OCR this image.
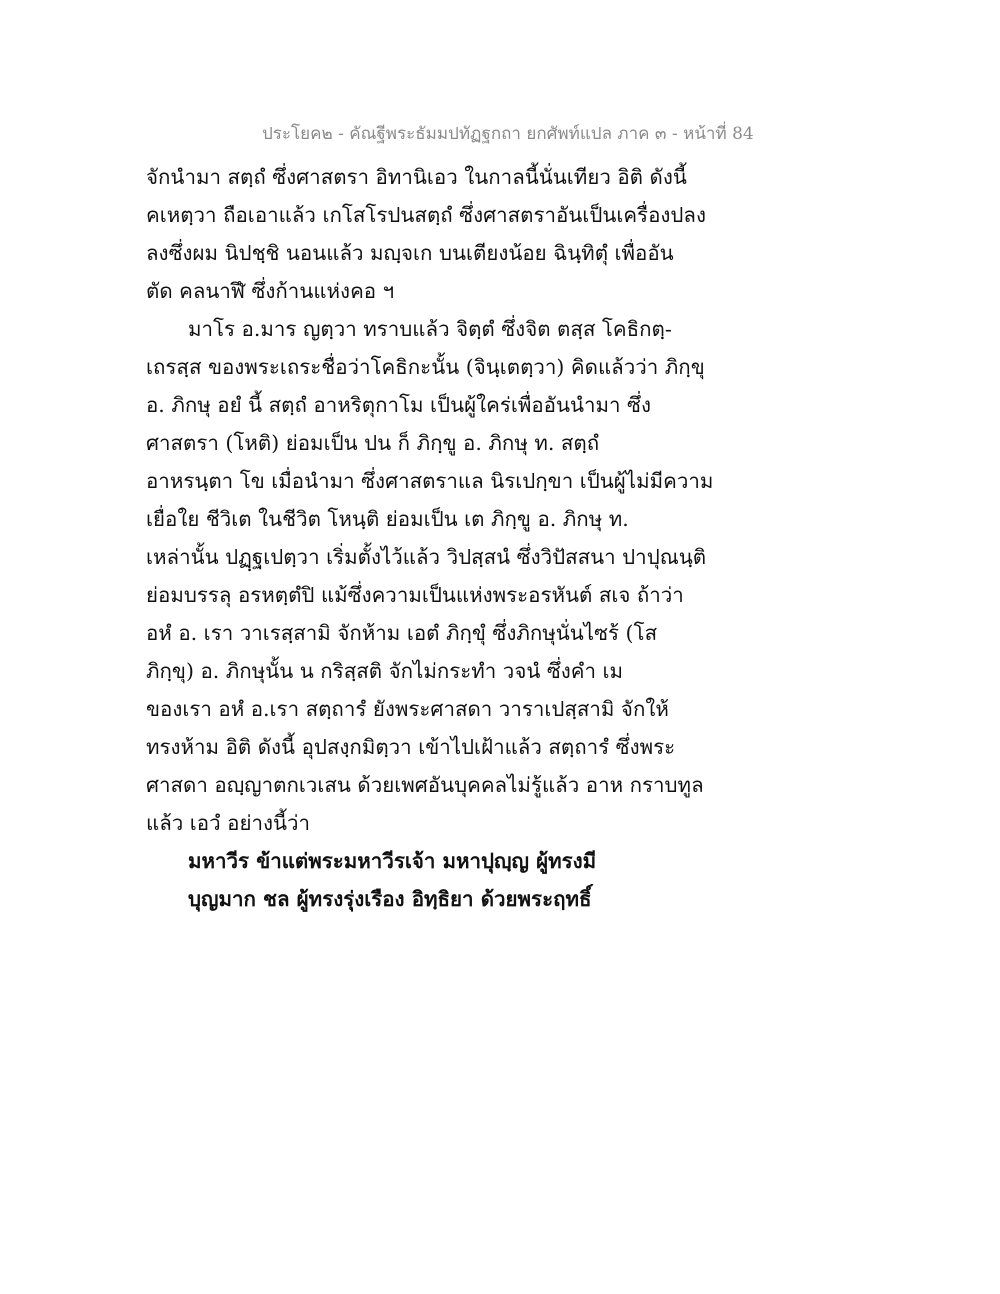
ประโยค๒ - คัณฐีพระธัมมปทัฏฐกถา ยกศัพท์แปล ภาค ๓ - หน้าที่ 84
จักนำมา สตฺถํ ซึ่งศาสตรา อิทานิเอว ในกาลนี้นั่นเทียว อิติ ดังนี้
คเหตฺวา ถือเอาแล้ว เกโสโรปนสตฺถํ ซึ่งศาสตราอันเป็นเครื่องปลง
ลงซึ่งผม นิปชฺชิ นอนแล้ว มญฺจเก บนเตียงน้อย ฉินฺทิตุํ เพื่ออัน
ตัด คลนาฬึ ซึ่งก้านแห่งคอ ฯ
มาโร อ.มาร ญตฺวา ทราบแล้ว จิตฺตํ ซึ่งจิต ตสฺส โคธิกตฺ-
เถรสฺส ของพระเถระชื่อว่าโคธิกะนั้น (จินฺเตตฺวา) คิดแล้วว่า ภิกฺขุ
อ. ภิกษุ อยํ นี้ สตฺถํ อาหริตุกาโม เป็นผู้ใคร่เพื่ออันนำมา ซึ่ง
ศาสตรา (โหติ) ย่อมเป็น ปน ก็ ภิกฺขู อ. ภิกษุ ท. สตฺถํ
อาหรนฺตา โข เมื่อนำมา ซึ่งศาสตราแล นิรเปกฺขา เป็นผู้ไม่มีความ
เยื่อใย ชีวิเต ในชีวิต โหนฺติ ย่อมเป็น เต ภิกฺขู อ. ภิกษุ ท.
เหล่านั้น ปฏฺฐเปตฺวา เริ่มตั้งไว้แล้ว วิปสฺสนํ ซึ่งวิปัสสนา ปาปุณนฺติ
ย่อมบรรลุ อรหตฺตํปิ แม้ซึ่งความเป็นแห่งพระอรหันต์ สเจ ถ้าว่า
อหํ อ. เรา วาเรสฺสามิ จักห้าม เอตํ ภิกฺขุํ ซึ่งภิกษุนั่นไซร้ (โส
ภิกฺขุ) อ. ภิกษุนั้น น กริสฺสติ จักไม่กระทำ วจนํ ซึ่งคำ เม
ของเรา อหํ อ.เรา สตฺถารํ ยังพระศาสดา วาราเปสฺสามิ จักให้
ทรงห้าม อิติ ดังนี้ อุปสงฺกมิตฺวา เข้าไปเฝ้าแล้ว สตฺถารํ ซึ่งพระ
ศาสดา อญฺญาตกเวเสน ด้วยเพศอันบุคคลไม่รู้แล้ว อาห กราบทูล
แล้ว เอวํ อย่างนี้ว่า
มหาวีร ข้าแต่พระมหาวีรเจ้า มหาปุญฺญ ผู้ทรงมี
บุญมาก ชล ผู้ทรงรุ่งเรือง อิทฺธิยา ด้วยพระฤทธิ์
